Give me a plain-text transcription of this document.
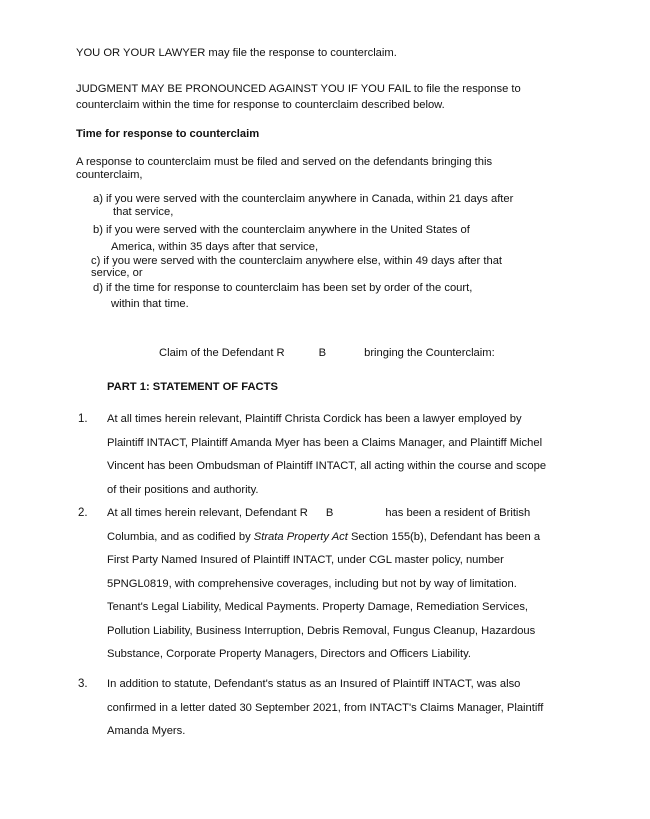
YOU OR YOUR LAWYER may file the response to counterclaim.
JUDGMENT MAY BE PRONOUNCED AGAINST YOU IF YOU FAIL to file the response to
counterclaim within the time for response to counterclaim described below.
Time for response to counterclaim
A response to counterclaim must be filed and served on the defendants bringing this
counterclaim,
a) if you were served with the counterclaim anywhere in Canada, within 21 days after
that service,
b) if you were served with the counterclaim anywhere in the United States of
America, within 35 days after that service,
c) if you were served with the counterclaim anywhere else, within 49 days after that
service, or
d) if the time for response to counterclaim has been set by order of the court,
within that time.
Claim of the Defendant R	B	bringing the Counterclaim:
PART 1: STATEMENT OF FACTS
1. At all times herein relevant, Plaintiff Christa Cordick has been a lawyer employed by
Plaintiff INTACT, Plaintiff Amanda Myer has been a Claims Manager, and Plaintiff Michel
Vincent has been Ombudsman of Plaintiff INTACT, all acting within the course and scope
of their positions and authority.
2. At all times herein relevant, Defendant R B	has been a resident of British
Columbia, and as codified by Strata Property Act Section 155(b), Defendant has been a
First Party Named Insured of Plaintiff INTACT, under CGL master policy, number
5PNGL0819, with comprehensive coverages, including but not by way of limitation.
Tenant's Legal Liability, Medical Payments. Property Damage, Remediation Services,
Pollution Liability, Business Interruption, Debris Removal, Fungus Cleanup, Hazardous
Substance, Corporate Property Managers, Directors and Officers Liability.
3. In addition to statute, Defendant's status as an Insured of Plaintiff INTACT, was also
confirmed in a letter dated 30 September 2021, from INTACT's Claims Manager, Plaintiff
Amanda Myers.
